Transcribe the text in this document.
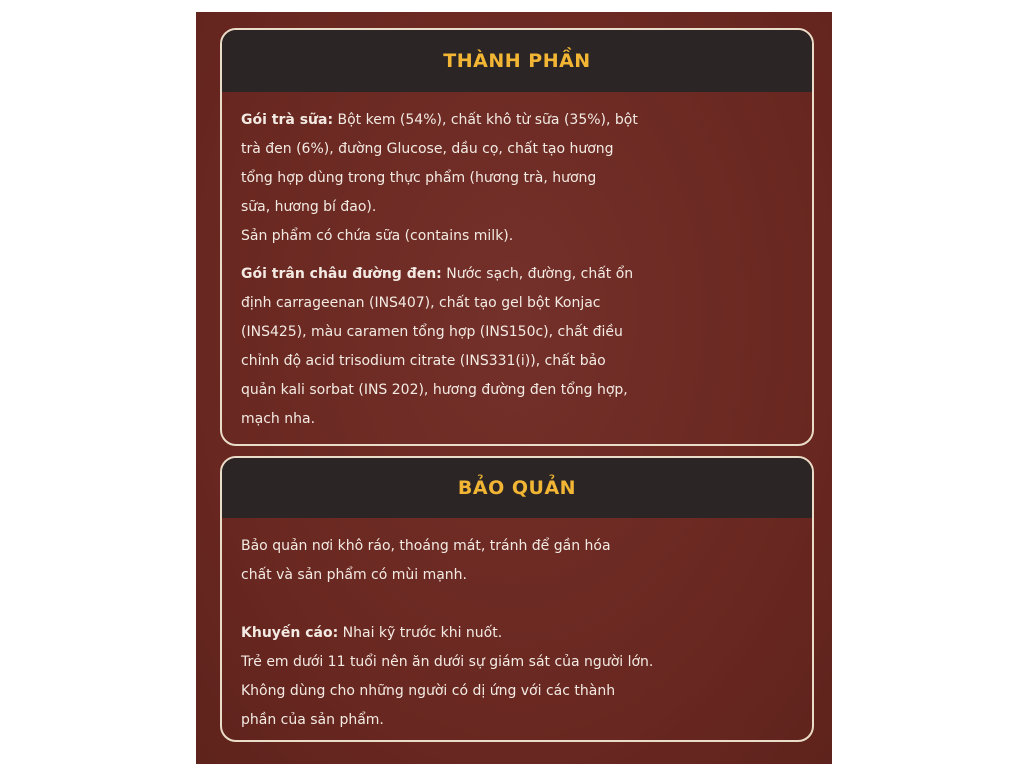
THÀNH PHẦN

Gói trà sữa: Bột kem (54%), chất khô từ sữa (35%), bột
trà đen (6%), đường Glucose, dầu cọ, chất tạo hương
tổng hợp dùng trong thực phẩm (hương trà, hương
sữa, hương bí đao).
Sản phẩm có chứa sữa (contains milk).

Gói trân châu đường đen: Nước sạch, đường, chất ổn
định carrageenan (INS407), chất tạo gel bột Konjac
(INS425), màu caramen tổng hợp (INS150c), chất điều
chỉnh độ acid trisodium citrate (INS331(i)), chất bảo
quản kali sorbat (INS 202), hương đường đen tổng hợp,
mạch nha.

BẢO QUẢN

Bảo quản nơi khô ráo, thoáng mát, tránh để gần hóa
chất và sản phẩm có mùi mạnh.

Khuyến cáo: Nhai kỹ trước khi nuốt.
Trẻ em dưới 11 tuổi nên ăn dưới sự giám sát của người lớn.
Không dùng cho những người có dị ứng với các thành
phần của sản phẩm.
